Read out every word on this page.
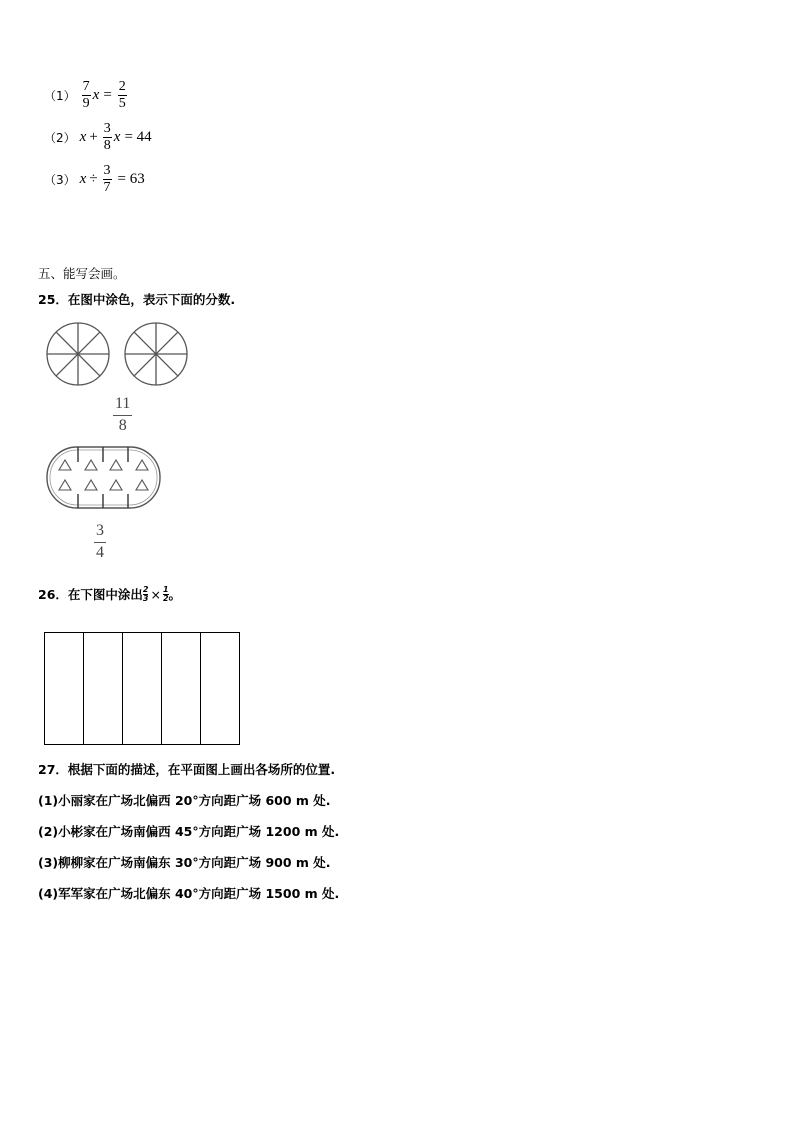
$(1) \frac{7}{9}$ $x = \frac{2}{5}$
（2） $x + \frac{3}{8}$ x = 44
（3） $x \div \frac{3}{7} = 63$
五、能写会画。
25．在图中涂色，表示下面的分数.
$\frac{11}{8}$
$\frac{3}{4}$
26．在下图中涂出 $\frac{2}{3} \times \frac{1}{2}$ 。
27．根据下面的描述，在平面图上画出各场所的位置.
(1)小丽家在广场北偏西 20°方向距广场 600 m 处.
(2)小彬家在广场南偏西 45°方向距广场 1200 m 处.
(3)柳柳家在广场南偏东 30°方向距广场 900 m 处.
(4)军军家在广场北偏东 40°方向距广场 1500 m 处.
